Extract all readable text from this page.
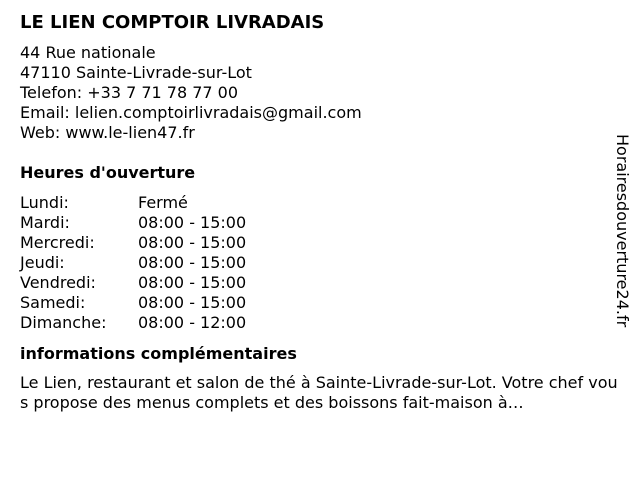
LE LIEN COMPTOIR LIVRADAIS
44 Rue nationale
47110 Sainte-Livrade-sur-Lot
Telefon: +33 7 71 78 77 00
Email: lelien.comptoirlivradais@gmail.com
Web: www.le-lien47.fr
Heures d'ouverture
Lundi:	Fermé
Mardi:	08:00 - 15:00
Mercredi:	08:00 - 15:00
Jeudi:	08:00 - 15:00
Vendredi:	08:00 - 15:00
Samedi:	08:00 - 15:00
Dimanche:	08:00 - 12:00
informations complémentaires
Le Lien, restaurant et salon de thé à Sainte-Livrade-sur-Lot. Votre chef vous propose des menus complets et des boissons fait-maison à…
Horairesdouverture24.fr
